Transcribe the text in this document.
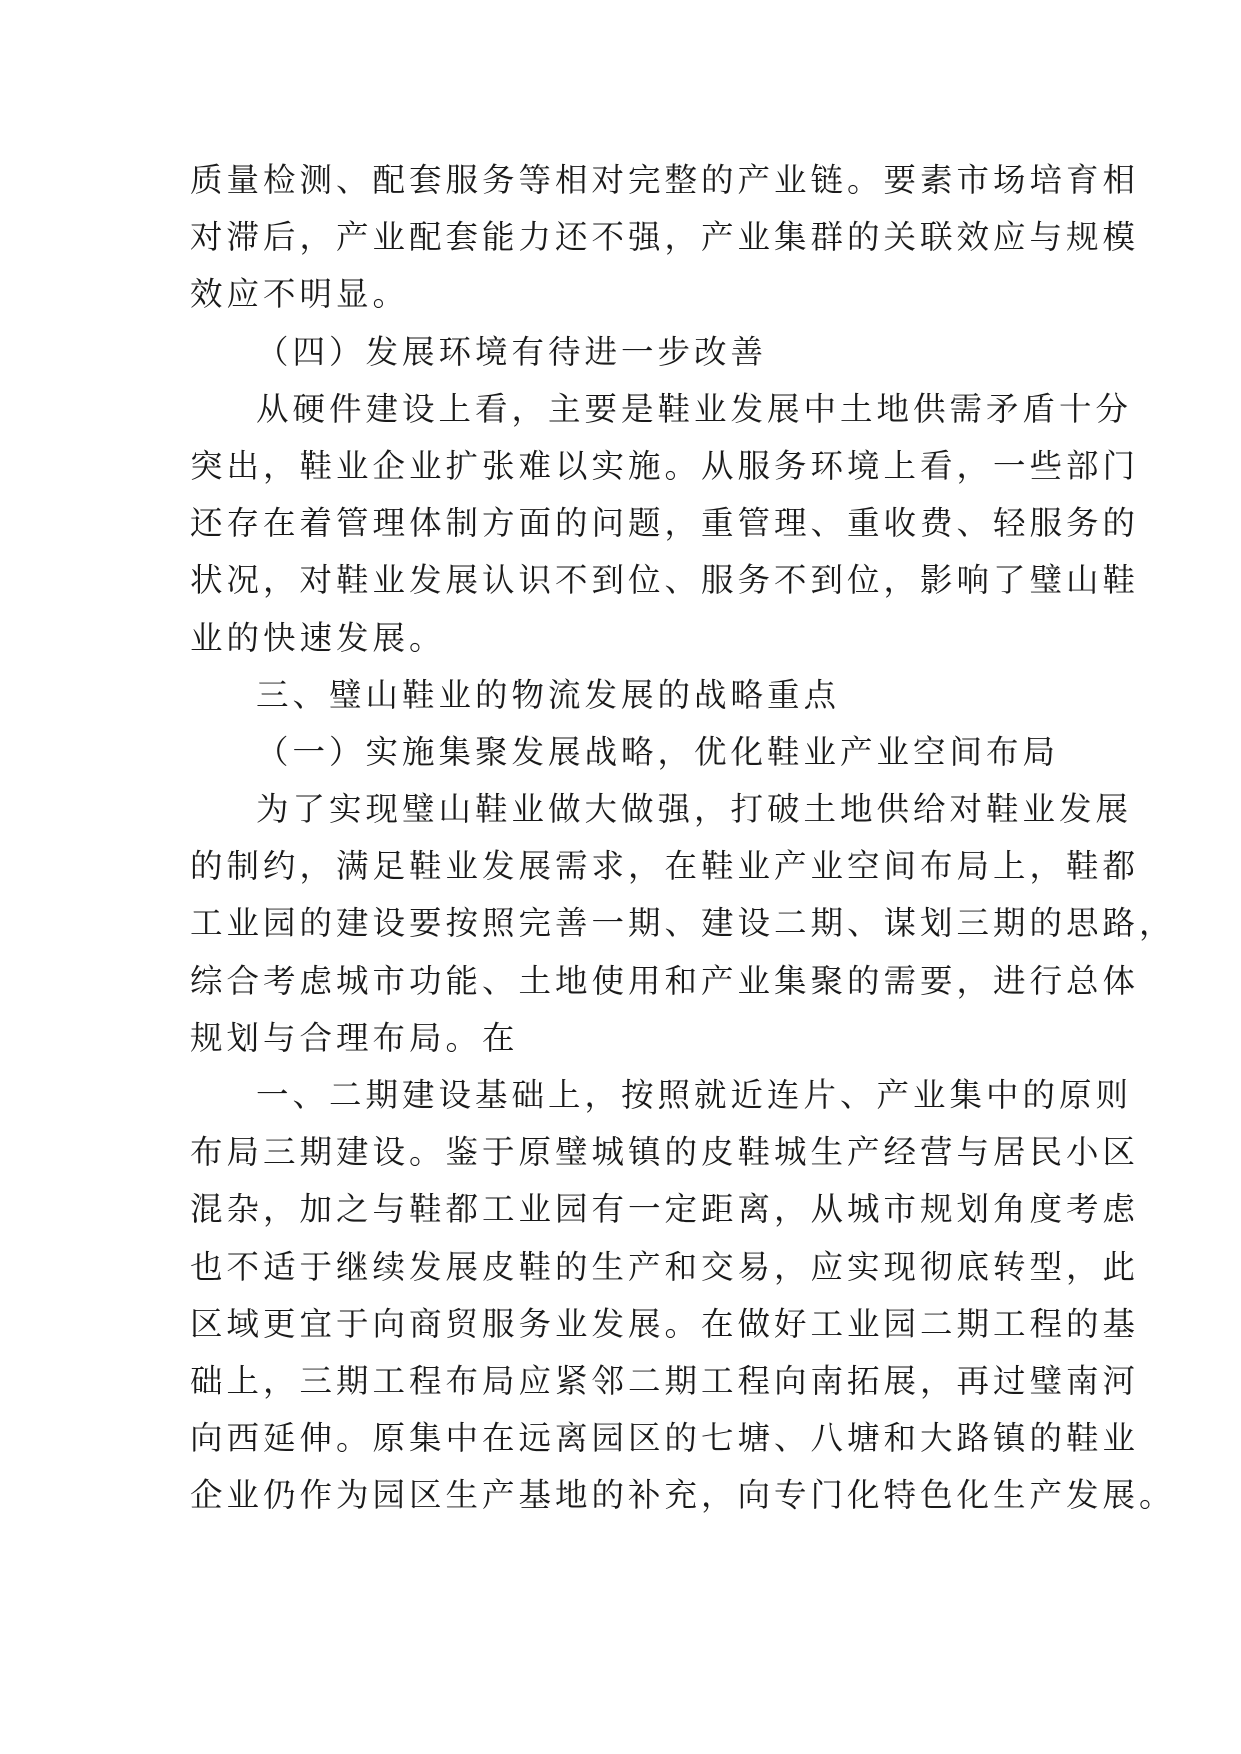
质量检测、配套服务等相对完整的产业链。要素市场培育相
对滞后，产业配套能力还不强，产业集群的关联效应与规模
效应不明显。
（四）发展环境有待进一步改善
从硬件建设上看，主要是鞋业发展中土地供需矛盾十分
突出，鞋业企业扩张难以实施。从服务环境上看，一些部门
还存在着管理体制方面的问题，重管理、重收费、轻服务的
状况，对鞋业发展认识不到位、服务不到位，影响了璧山鞋
业的快速发展。
三、璧山鞋业的物流发展的战略重点
（一）实施集聚发展战略，优化鞋业产业空间布局
为了实现璧山鞋业做大做强，打破土地供给对鞋业发展
的制约，满足鞋业发展需求，在鞋业产业空间布局上，鞋都
工业园的建设要按照完善一期、建设二期、谋划三期的思路，
综合考虑城市功能、土地使用和产业集聚的需要，进行总体
规划与合理布局。在
一、二期建设基础上，按照就近连片、产业集中的原则
布局三期建设。鉴于原璧城镇的皮鞋城生产经营与居民小区
混杂，加之与鞋都工业园有一定距离，从城市规划角度考虑
也不适于继续发展皮鞋的生产和交易，应实现彻底转型，此
区域更宜于向商贸服务业发展。在做好工业园二期工程的基
础上，三期工程布局应紧邻二期工程向南拓展，再过璧南河
向西延伸。原集中在远离园区的七塘、八塘和大路镇的鞋业
企业仍作为园区生产基地的补充，向专门化特色化生产发展。
